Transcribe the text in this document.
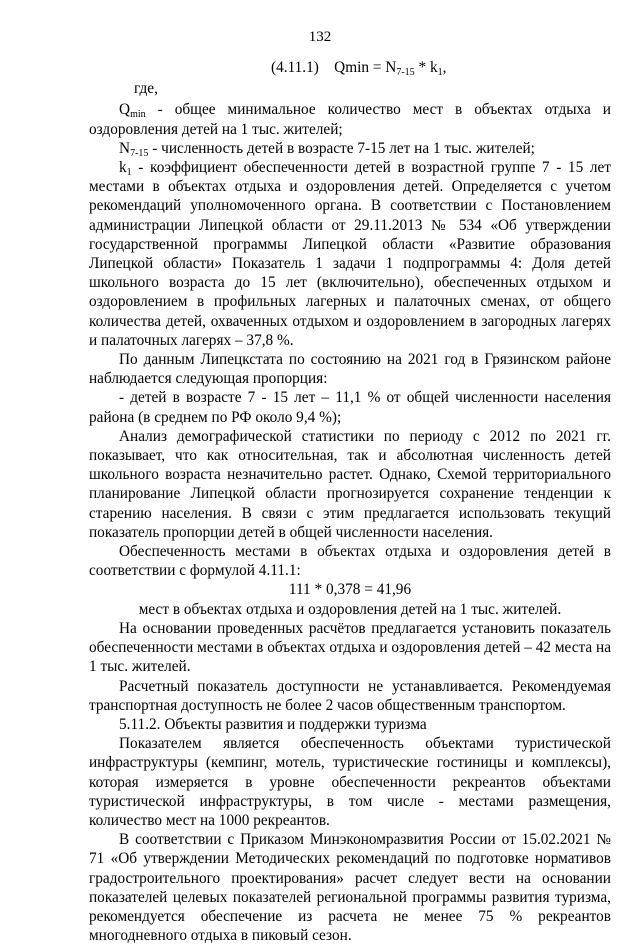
132

(4.11.1) $Qmin = N_{7-15} * k_1$,

где,

$Q_{min}$ - общее минимальное количество мест в объектах отдыха и оздоровления детей на 1 тыс. жителей;

$N_{7-15}$ - численность детей в возрасте 7-15 лет на 1 тыс. жителей;

$k_1$ - коэффициент обеспеченности детей в возрастной группе 7 - 15 лет местами в объектах отдыха и оздоровления детей. Определяется с учетом рекомендаций уполномоченного органа. В соответствии с Постановлением администрации Липецкой области от 29.11.2013 № 534 «Об утверждении государственной программы Липецкой области «Развитие образования Липецкой области» Показатель 1 задачи 1 подпрограммы 4: Доля детей школьного возраста до 15 лет (включительно), обеспеченных отдыхом и оздоровлением в профильных лагерных и палаточных сменах, от общего количества детей, охваченных отдыхом и оздоровлением в загородных лагерях и палаточных лагерях – 37,8 %.

По данным Липецкстата по состоянию на 2021 год в Грязинском районе наблюдается следующая пропорция:

- детей в возрасте 7 - 15 лет – 11,1 % от общей численности населения района (в среднем по РФ около 9,4 %);

Анализ демографической статистики по периоду с 2012 по 2021 гг. показывает, что как относительная, так и абсолютная численность детей школьного возраста незначительно растет. Однако, Схемой территориального планирование Липецкой области прогнозируется сохранение тенденции к старению населения. В связи с этим предлагается использовать текущий показатель пропорции детей в общей численности населения.

Обеспеченность местами в объектах отдыха и оздоровления детей в соответствии с формулой 4.11.1:

111 * 0,378 = 41,96

мест в объектах отдыха и оздоровления детей на 1 тыс. жителей.

На основании проведенных расчётов предлагается установить показатель обеспеченности местами в объектах отдыха и оздоровления детей – 42 места на 1 тыс. жителей.

Расчетный показатель доступности не устанавливается. Рекомендуемая транспортная доступность не более 2 часов общественным транспортом.

5.11.2. Объекты развития и поддержки туризма

Показателем является обеспеченность объектами туристической инфраструктуры (кемпинг, мотель, туристические гостиницы и комплексы), которая измеряется в уровне обеспеченности рекреантов объектами туристической инфраструктуры, в том числе - местами размещения, количество мест на 1000 рекреантов.

В соответствии с Приказом Минэкономразвития России от 15.02.2021 № 71 «Об утверждении Методических рекомендаций по подготовке нормативов градостроительного проектирования» расчет следует вести на основании показателей целевых показателей региональной программы развития туризма, рекомендуется обеспечение из расчета не менее 75 % рекреантов многодневного отдыха в пиковый сезон.
